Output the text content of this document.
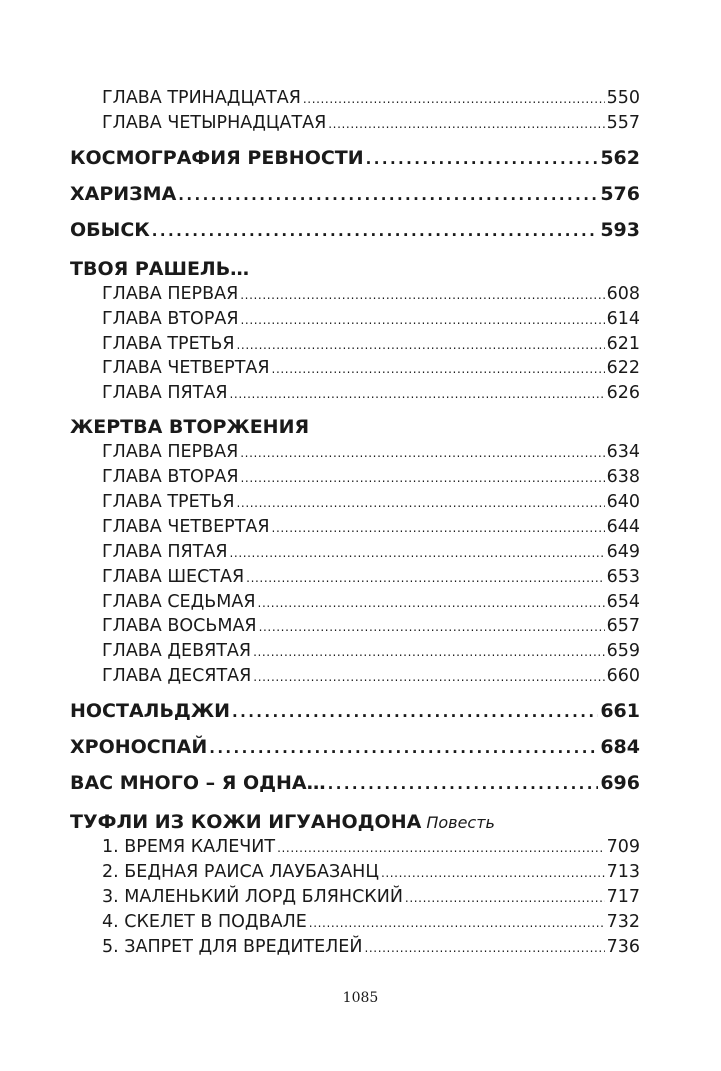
ГЛАВА ТРИНАДЦАТАЯ .....	550
ГЛАВА ЧЕТЫРНАДЦАТАЯ .....	557
КОСМОГРАФИЯ РЕВНОСТИ .....	562
ХАРИЗМА .....	576
ОБЫСК .....	593
ТВОЯ РАШЕЛЬ…
ГЛАВА ПЕРВАЯ .....	608
ГЛАВА ВТОРАЯ .....	614
ГЛАВА ТРЕТЬЯ .....	621
ГЛАВА ЧЕТВЕРТАЯ .....	622
ГЛАВА ПЯТАЯ .....	626
ЖЕРТВА ВТОРЖЕНИЯ
ГЛАВА ПЕРВАЯ .....	634
ГЛАВА ВТОРАЯ .....	638
ГЛАВА ТРЕТЬЯ .....	640
ГЛАВА ЧЕТВЕРТАЯ .....	644
ГЛАВА ПЯТАЯ .....	649
ГЛАВА ШЕСТАЯ .....	653
ГЛАВА СЕДЬМАЯ .....	654
ГЛАВА ВОСЬМАЯ .....	657
ГЛАВА ДЕВЯТАЯ .....	659
ГЛАВА ДЕСЯТАЯ .....	660
НОСТАЛЬДЖИ .....	661
ХРОНОСПАЙ .....	684
ВАС МНОГО – Я ОДНА… .....	696
ТУФЛИ ИЗ КОЖИ ИГУАНОДОНА Повесть
1. ВРЕМЯ КАЛЕЧИТ .....	709
2. БЕДНАЯ РАИСА ЛАУБАЗАНЦ .....	713
3. МАЛЕНЬКИЙ ЛОРД БЛЯНСКИЙ .....	717
4. СКЕЛЕТ В ПОДВАЛЕ .....	732
5. ЗАПРЕТ ДЛЯ ВРЕДИТЕЛЕЙ .....	736
1085
